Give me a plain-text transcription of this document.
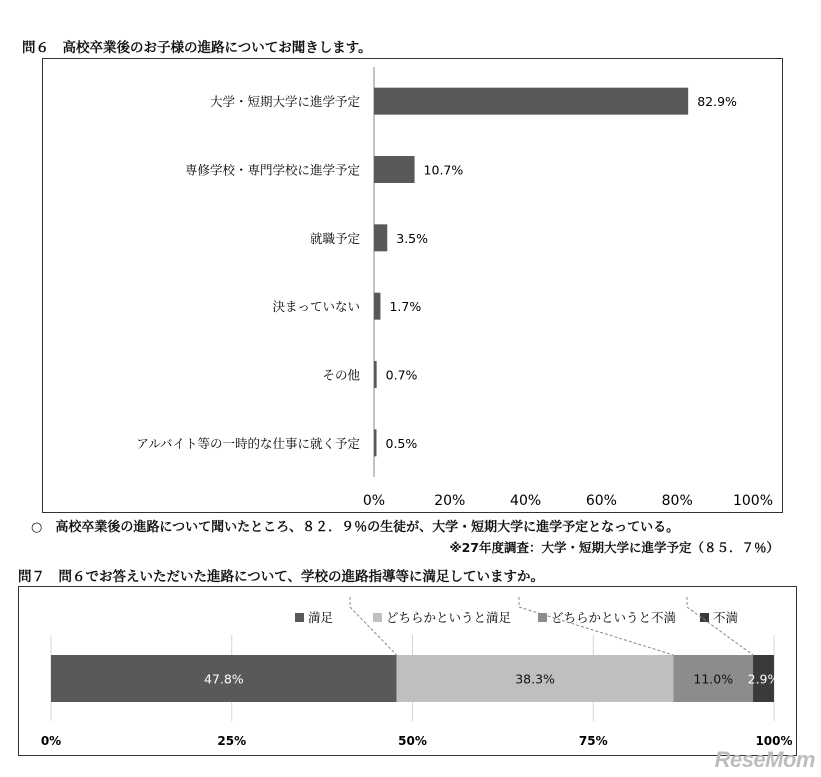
問６　高校卒業後のお子様の進路についてお聞きします。
大学・短期大学に進学予定	82.9%
専修学校・専門学校に進学予定	10.7%
就職予定	3.5%
決まっていない 1.7%
その他 0.7%
アルバイト等の一時的な仕事に就く予定 0.5%
0%	20%	40%	60%	80%	100%
○　高校卒業後の進路について聞いたところ、８２．９％の生徒が、大学・短期大学に進学予定となっている。
※27年度調査：大学・短期大学に進学予定（８５．７％）
問７　問６でお答えいただいた進路について、学校の進路指導等に満足していますか。
0%	25%	50%	75%	100%
47.8%	38.3%	11.0% 2.9%
満足	どちらかというと満足	どちらかというと不満	不満
ReseMom
